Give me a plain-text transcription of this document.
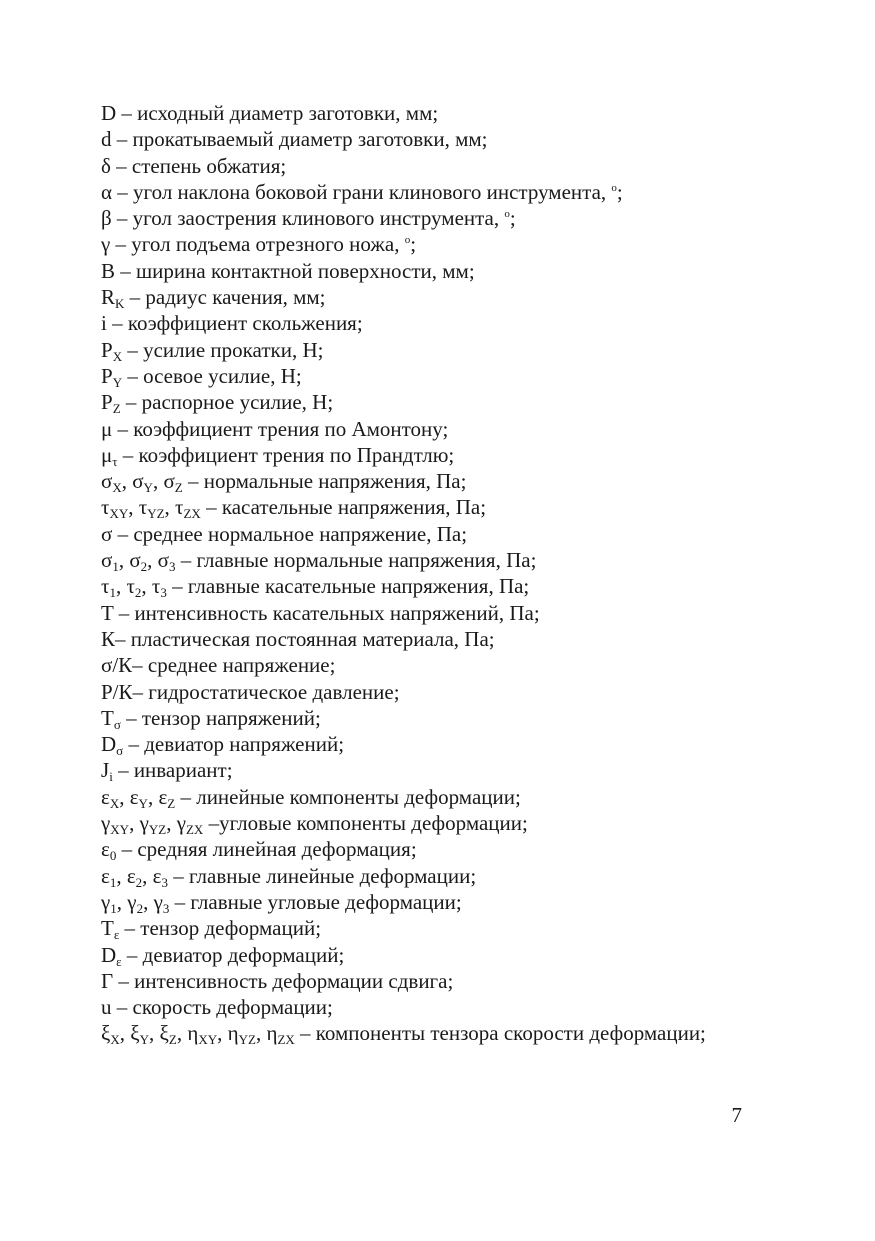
D – исходный диаметр заготовки, мм;
d – прокатываемый диаметр заготовки, мм;
δ – степень обжатия;
α – угол наклона боковой грани клинового инструмента, $^o$;
β – угол заострения клинового инструмента, $^o$;
γ – угол подъема отрезного ножа, $^o$;
B – ширина контактной поверхности, мм;
$R_K$ – радиус качения, мм;
i – коэффициент скольжения;
$P_X$ – усилие прокатки, Н;
$P_Y$ – осевое усилие, Н;
$P_Z$ – распорное усилие, Н;
μ – коэффициент трения по Амонтону;
$\mu_\tau$ – коэффициент трения по Прандтлю;
$\sigma_X$, $\sigma_Y$, $\sigma_Z$ – нормальные напряжения, Па;
$\tau_{XY}$, $\tau_{YZ}$, $\tau_{ZX}$ – касательные напряжения, Па;
σ – среднее нормальное напряжение, Па;
$\sigma_1$, $\sigma_2$, $\sigma_3$ – главные нормальные напряжения, Па;
$\tau_1$, $\tau_2$, $\tau_3$ – главные касательные напряжения, Па;
T – интенсивность касательных напряжений, Па;
К– пластическая постоянная материала, Па;
σ/К– среднее напряжение;
Р/К– гидростатическое давление;
$T_\sigma$ – тензор напряжений;
$D_\sigma$ – девиатор напряжений;
$J_i$ – инвариант;
$\varepsilon_X$, $\varepsilon_Y$, $\varepsilon_Z$ – линейные компоненты деформации;
$\gamma_{XY}$, $\gamma_{YZ}$, $\gamma_{ZX}$ –угловые компоненты деформации;
$\varepsilon_0$ – средняя линейная деформация;
$\varepsilon_1$, $\varepsilon_2$, $\varepsilon_3$ – главные линейные деформации;
$\gamma_1$, $\gamma_2$, $\gamma_3$ – главные угловые деформации;
$T_\varepsilon$ – тензор деформаций;
$D_\varepsilon$ – девиатор деформаций;
Г – интенсивность деформации сдвига;
u – скорость деформации;
$\xi_X$, $\xi_Y$, $\xi_Z$, $\eta_{XY}$, $\eta_{YZ}$, $\eta_{ZX}$ – компоненты тензора скорости деформации;
7
